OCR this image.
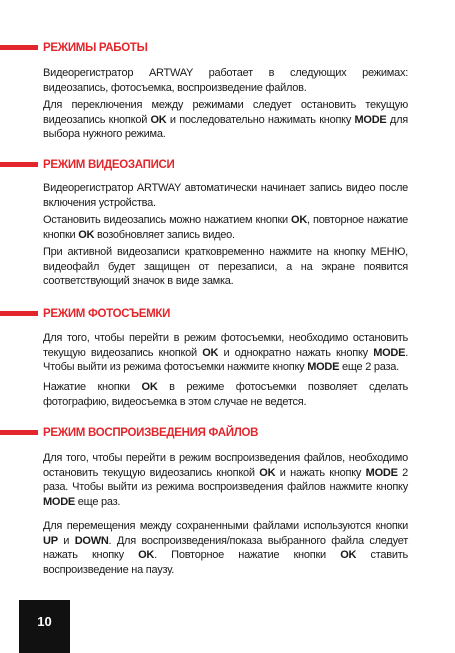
РЕЖИМЫ РАБОТЫ

Видеорегистратор ARTWAY работает в следующих режимах: видеозапись, фотосъемка, воспроизведение файлов.

Для переключения между режимами следует остановить текущую видеозапись кнопкой OK и последовательно нажимать кнопку MODE для выбора нужного режима.

РЕЖИМ ВИДЕОЗАПИСИ

Видеорегистратор ARTWAY автоматически начинает запись видео после включения устройства.

Остановить видеозапись можно нажатием кнопки OK, повторное нажатие кнопки OK возобновляет запись видео.

При активной видеозаписи кратковременно нажмите на кнопку МЕНЮ, видеофайл будет защищен от перезаписи, а на экране появится соответствующий значок в виде замка.

РЕЖИМ ФОТОСЪЕМКИ

Для того, чтобы перейти в режим фотосъемки, необходимо остановить текущую видеозапись кнопкой OK и однократно нажать кнопку MODE. Чтобы выйти из режима фотосъемки нажмите кнопку MODE еще 2 раза.

Нажатие кнопки OK в режиме фотосъемки позволяет сделать фотографию, видеосъемка в этом случае не ведется.

РЕЖИМ ВОСПРОИЗВЕДЕНИЯ ФАЙЛОВ

Для того, чтобы перейти в режим воспроизведения файлов, необходимо остановить текущую видеозапись кнопкой OK и нажать кнопку MODE 2 раза. Чтобы выйти из режима воспроизведения файлов нажмите кнопку MODE еще раз.

Для перемещения между сохраненными файлами используются кнопки UP и DOWN. Для воспроизведения/показа выбранного файла следует нажать кнопку OK. Повторное нажатие кнопки OK ставить воспроизведение на паузу.

10
